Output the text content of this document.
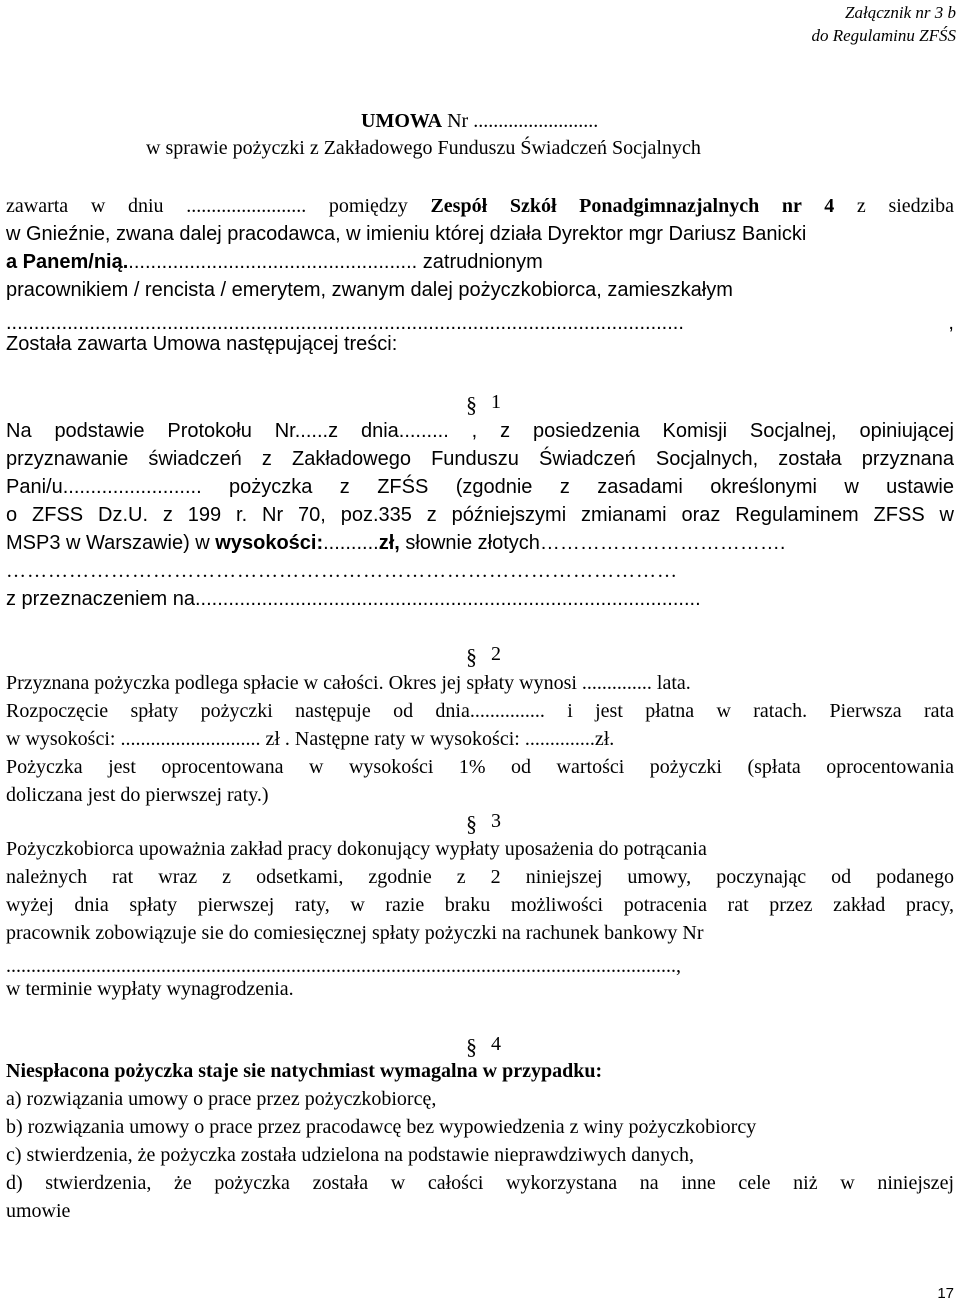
Załącznik nr 3 b
do Regulaminu ZFŚS
UMOWA Nr .........................
w sprawie pożyczki z Zakładowego Funduszu Świadczeń Socjalnych
zawarta w dniu ........................ pomiędzy Zespół Szkół Ponadgimnazjalnych nr 4 z siedziba
w Gnieźnie, zwana dalej pracodawca, w imieniu której działa Dyrektor mgr Dariusz Banicki
a Panem/nią..................................................... zatrudnionym
pracownikiem / rencista / emerytem, zwanym dalej pożyczkobiorca, zamieszkałym
.......................................................................................................................... ,
Została zawarta Umowa następującej treści:
§ 1
Na podstawie Protokołu Nr......z dnia......... , z posiedzenia Komisji Socjalnej, opiniującej
przyznawanie świadczeń z Zakładowego Funduszu Świadczeń Socjalnych, została przyznana
Pani/u......................... pożyczka z ZFŚS (zgodnie z zasadami określonymi w ustawie
o ZFSS Dz.U. z 199 r. Nr 70, poz.335 z późniejszymi zmianami oraz Regulaminem ZFSS w
MSP3 w Warszawie) w wysokości:..........zł, słownie złotych……………………………….
……………………………………………………………………………………
z przeznaczeniem na...........................................................................................
§ 2
Przyznana pożyczka podlega spłacie w całości. Okres jej spłaty wynosi .............. lata.
Rozpoczęcie spłaty pożyczki następuje od dnia............... i jest płatna w ratach. Pierwsza rata
w wysokości: ............................ zł . Następne raty w wysokości: ..............zł.
Pożyczka jest oprocentowana w wysokości 1% od wartości pożyczki (spłata oprocentowania
doliczana jest do pierwszej raty.)
§ 3
Pożyczkobiorca upoważnia zakład pracy dokonujący wypłaty uposażenia do potrącania
należnych rat wraz z odsetkami, zgodnie z 2 niniejszej umowy, poczynając od podanego
wyżej dnia spłaty pierwszej raty, w razie braku możliwości potracenia rat przez zakład pracy,
pracownik zobowiązuje sie do comiesięcznej spłaty pożyczki na rachunek bankowy Nr
......................................................................................................................................,
w terminie wypłaty wynagrodzenia.
§ 4
Niespłacona pożyczka staje sie natychmiast wymagalna w przypadku:
a) rozwiązania umowy o prace przez pożyczkobiorcę,
b) rozwiązania umowy o prace przez pracodawcę bez wypowiedzenia z winy pożyczkobiorcy
c) stwierdzenia, że pożyczka została udzielona na podstawie nieprawdziwych danych,
d) stwierdzenia, że pożyczka została w całości wykorzystana na inne cele niż w niniejszej
umowie
17
